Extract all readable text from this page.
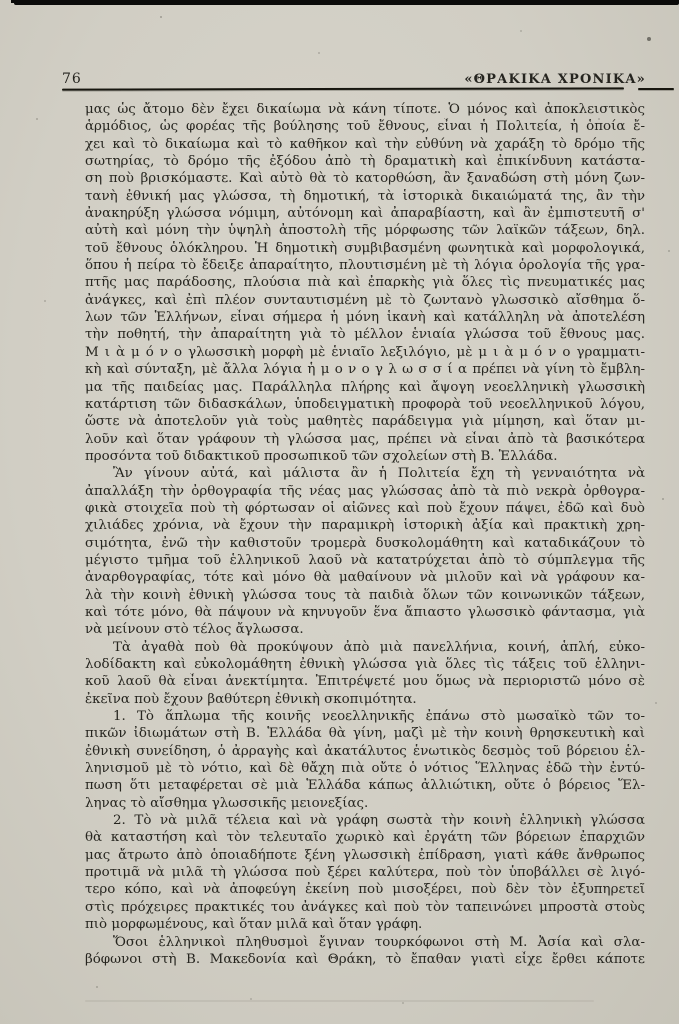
76	«ΘΡΑΚΙΚΑ ΧΡΟΝΙΚΑ»
μας ὡς ἄτομο δὲν ἔχει δικαίωμα νὰ κάνη τίποτε. Ὁ μόνος καὶ ἀποκλειστικὸς
ἁρμόδιος, ὡς φορέας τῆς βούλησης τοῦ ἔθνους, εἶναι ἡ Πολιτεία, ἡ ὁποία ἔ-
χει καὶ τὸ δικαίωμα καὶ τὸ καθῆκον καὶ τὴν εὐθύνη νὰ χαράξη τὸ δρόμο τῆς
σωτηρίας, τὸ δρόμο τῆς ἐξόδου ἀπὸ τὴ δραματικὴ καὶ ἐπικίνδυνη κατάστα-
ση ποὺ βρισκόμαστε. Καὶ αὐτὸ θὰ τὸ κατορθώση, ἂν ξαναδώση στὴ μόνη ζων-
τανὴ ἐθνική μας γλώσσα, τὴ δημοτική, τὰ ἱστορικὰ δικαιώματά της, ἂν τὴν
ἀνακηρύξη γλώσσα νόμιμη, αὐτόνομη καὶ ἀπαραβίαστη, καὶ ἂν ἐμπιστευτῆ σ'
αὐτὴ καὶ μόνη τὴν ὑψηλὴ ἀποστολὴ τῆς μόρφωσης τῶν λαϊκῶν τάξεων, δηλ.
τοῦ ἔθνους ὁλόκληρου. Ἡ δημοτικὴ συμβιβασμένη φωνητικὰ καὶ μορφολογικά,
ὅπου ἡ πείρα τὸ ἔδειξε ἀπαραίτητο, πλουτισμένη μὲ τὴ λόγια ὁρολογία τῆς γρα-
πτῆς μας παράδοσης, πλούσια πιὰ καὶ ἐπαρκὴς γιὰ ὅλες τὶς πνευματικές μας
ἀνάγκες, καὶ ἐπὶ πλέον συνταυτισμένη μὲ τὸ ζωντανὸ γλωσσικὸ αἴσθημα ὅ-
λων τῶν Ἑλλήνων, εἶναι σήμερα ἡ μόνη ἱκανὴ καὶ κατάλληλη νὰ ἀποτελέση
τὴν ποθητή, τὴν ἀπαραίτητη γιὰ τὸ μέλλον ἑνιαία γλώσσα τοῦ ἔθνους μας.
Μ ι ὰ μ ό ν ο γλωσσικὴ μορφὴ μὲ ἑνιαῖο λεξιλόγιο, μὲ μ ι ὰ μ ό ν ο γραμματι-
κὴ καὶ σύνταξη, μὲ ἄλλα λόγια ἡ μ ο ν ο γ λ ω σ σ ί α πρέπει νὰ γίνη τὸ ἔμβλη-
μα τῆς παιδείας μας. Παράλληλα πλήρης καὶ ἄψογη νεοελληνικὴ γλωσσικὴ
κατάρτιση τῶν διδασκάλων, ὑποδειγματικὴ προφορὰ τοῦ νεοελληνικοῦ λόγου,
ὥστε νὰ ἀποτελοῦν γιὰ τοὺς μαθητὲς παράδειγμα γιὰ μίμηση, καὶ ὅταν μι-
λοῦν καὶ ὅταν γράφουν τὴ γλώσσα μας, πρέπει νὰ εἶναι ἀπὸ τὰ βασικότερα
προσόντα τοῦ διδακτικοῦ προσωπικοῦ τῶν σχολείων στὴ Β. Ἑλλάδα.
Ἂν γίνουν αὐτά, καὶ μάλιστα ἂν ἡ Πολιτεία ἔχη τὴ γενναιότητα νὰ
ἀπαλλάξη τὴν ὀρθογραφία τῆς νέας μας γλώσσας ἀπὸ τὰ πιὸ νεκρὰ ὀρθογρα-
φικὰ στοιχεῖα ποὺ τὴ φόρτωσαν οἱ αἰῶνες καὶ ποὺ ἔχουν πάψει, ἐδῶ καὶ δυὸ
χιλιάδες χρόνια, νὰ ἔχουν τὴν παραμικρὴ ἱστορικὴ ἀξία καὶ πρακτικὴ χρη-
σιμότητα, ἐνῶ τὴν καθιστοῦν τρομερὰ δυσκολομάθητη καὶ καταδικάζουν τὸ
μέγιστο τμῆμα τοῦ ἑλληνικοῦ λαοῦ νὰ κατατρύχεται ἀπὸ τὸ σύμπλεγμα τῆς
ἀναρθογραφίας, τότε καὶ μόνο θὰ μαθαίνουν νὰ μιλοῦν καὶ νὰ γράφουν κα-
λὰ τὴν κοινὴ ἐθνικὴ γλώσσα τους τὰ παιδιὰ ὅλων τῶν κοινωνικῶν τάξεων,
καὶ τότε μόνο, θὰ πάψουν νὰ κηνυγοῦν ἕνα ἄπιαστο γλωσσικὸ φάντασμα, γιὰ
νὰ μείνουν στὸ τέλος ἄγλωσσα.
Τὰ ἀγαθὰ ποὺ θὰ προκύψουν ἀπὸ μιὰ πανελλήνια, κοινή, ἁπλή, εὐκο-
λοδίδακτη καὶ εὐκολομάθητη ἐθνικὴ γλώσσα γιὰ ὅλες τὶς τάξεις τοῦ ἑλληνι-
κοῦ λαοῦ θὰ εἶναι ἀνεκτίμητα. Ἐπιτρέψετέ μου ὅμως νὰ περιοριστῶ μόνο σὲ
ἐκεῖνα ποὺ ἔχουν βαθύτερη ἐθνικὴ σκοπιμότητα.
1. Τὸ ἅπλωμα τῆς κοινῆς νεοελληνικῆς ἐπάνω στὸ μωσαϊκὸ τῶν το-
πικῶν ἰδιωμάτων στὴ Β. Ἑλλάδα θὰ γίνη, μαζὶ μὲ τὴν κοινὴ θρησκευτικὴ καὶ
ἐθνικὴ συνείδηση, ὁ ἀρραγὴς καὶ ἀκατάλυτος ἑνωτικὸς δεσμὸς τοῦ βόρειου ἑλ-
ληνισμοῦ μὲ τὸ νότιο, καὶ δὲ θἄχη πιὰ οὔτε ὁ νότιος Ἕλληνας ἐδῶ τὴν ἐντύ-
πωση ὅτι μεταφέρεται σὲ μιὰ Ἑλλάδα κάπως ἀλλιώτικη, οὔτε ὁ βόρειος Ἕλ-
ληνας τὸ αἴσθημα γλωσσικῆς μειονεξίας.
2. Τὸ νὰ μιλᾶ τέλεια καὶ νὰ γράφη σωστὰ τὴν κοινὴ ἑλληνικὴ γλώσσα
θὰ καταστήση καὶ τὸν τελευταῖο χωρικὸ καὶ ἐργάτη τῶν βόρειων ἐπαρχιῶν
μας ἄτρωτο ἀπὸ ὁποιαδήποτε ξένη γλωσσικὴ ἐπίδραση, γιατὶ κάθε ἄνθρωπος
προτιμᾶ νὰ μιλᾶ τὴ γλώσσα ποὺ ξέρει καλύτερα, ποὺ τὸν ὑποβάλλει σὲ λιγό-
τερο κόπο, καὶ νὰ ἀποφεύγη ἐκείνη ποὺ μισοξέρει, ποὺ δὲν τὸν ἐξυπηρετεῖ
στὶς πρόχειρες πρακτικές του ἀνάγκες καὶ ποὺ τὸν ταπεινώνει μπροστὰ στοὺς
πιὸ μορφωμένους, καὶ ὅταν μιλᾶ καὶ ὅταν γράφη.
Ὅσοι ἑλληνικοὶ πληθυσμοὶ ἔγιναν τουρκόφωνοι στὴ Μ. Ἀσία καὶ σλα-
βόφωνοι στὴ Β. Μακεδονία καὶ Θράκη, τὸ ἔπαθαν γιατὶ εἶχε ἔρθει κάποτε
